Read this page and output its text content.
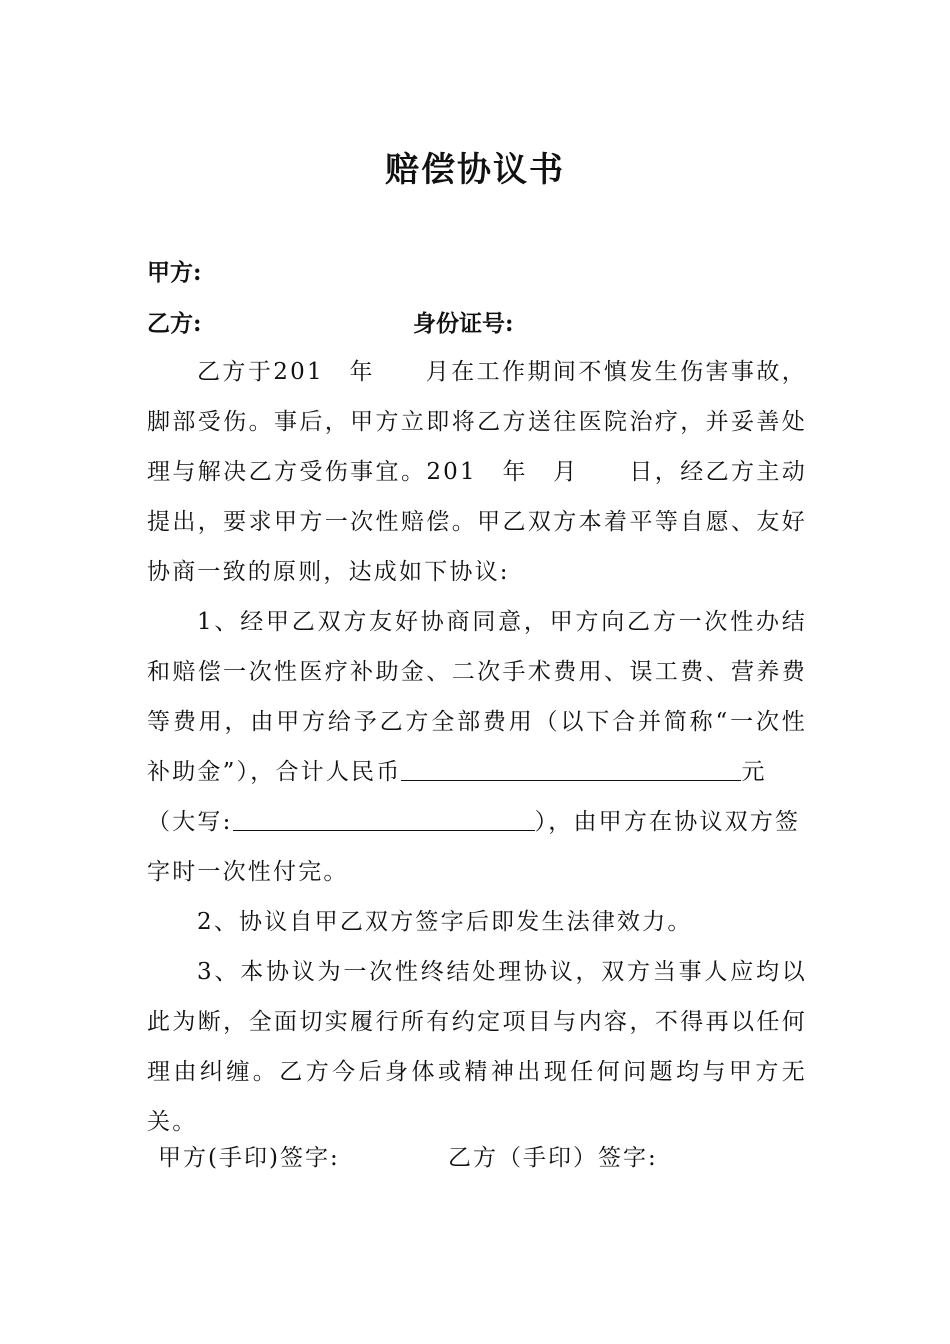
赔偿协议书
甲方:
乙方:	身份证号:
乙方于201　年　　月在工作期间不慎发生伤害事故，脚部受伤。事后，甲方立即将乙方送往医院治疗，并妥善处理与解决乙方受伤事宜。201　年　月　　日，经乙方主动提出，要求甲方一次性赔偿。甲乙双方本着平等自愿、友好协商一致的原则，达成如下协议:
1、经甲乙双方友好协商同意，甲方向乙方一次性办结和赔偿一次性医疗补助金、二次手术费用、误工费、营养费等费用，由甲方给予乙方全部费用（以下合并简称“一次性补助金”），合计人民币	元
（大写:	），由甲方在协议双方签
字时一次性付完。
2、协议自甲乙双方签字后即发生法律效力。
3、本协议为一次性终结处理协议，双方当事人应均以此为断，全面切实履行所有约定项目与内容，不得再以任何理由纠缠。乙方今后身体或精神出现任何问题均与甲方无关。
甲方(手印)签字:	乙方（手印）签字:
